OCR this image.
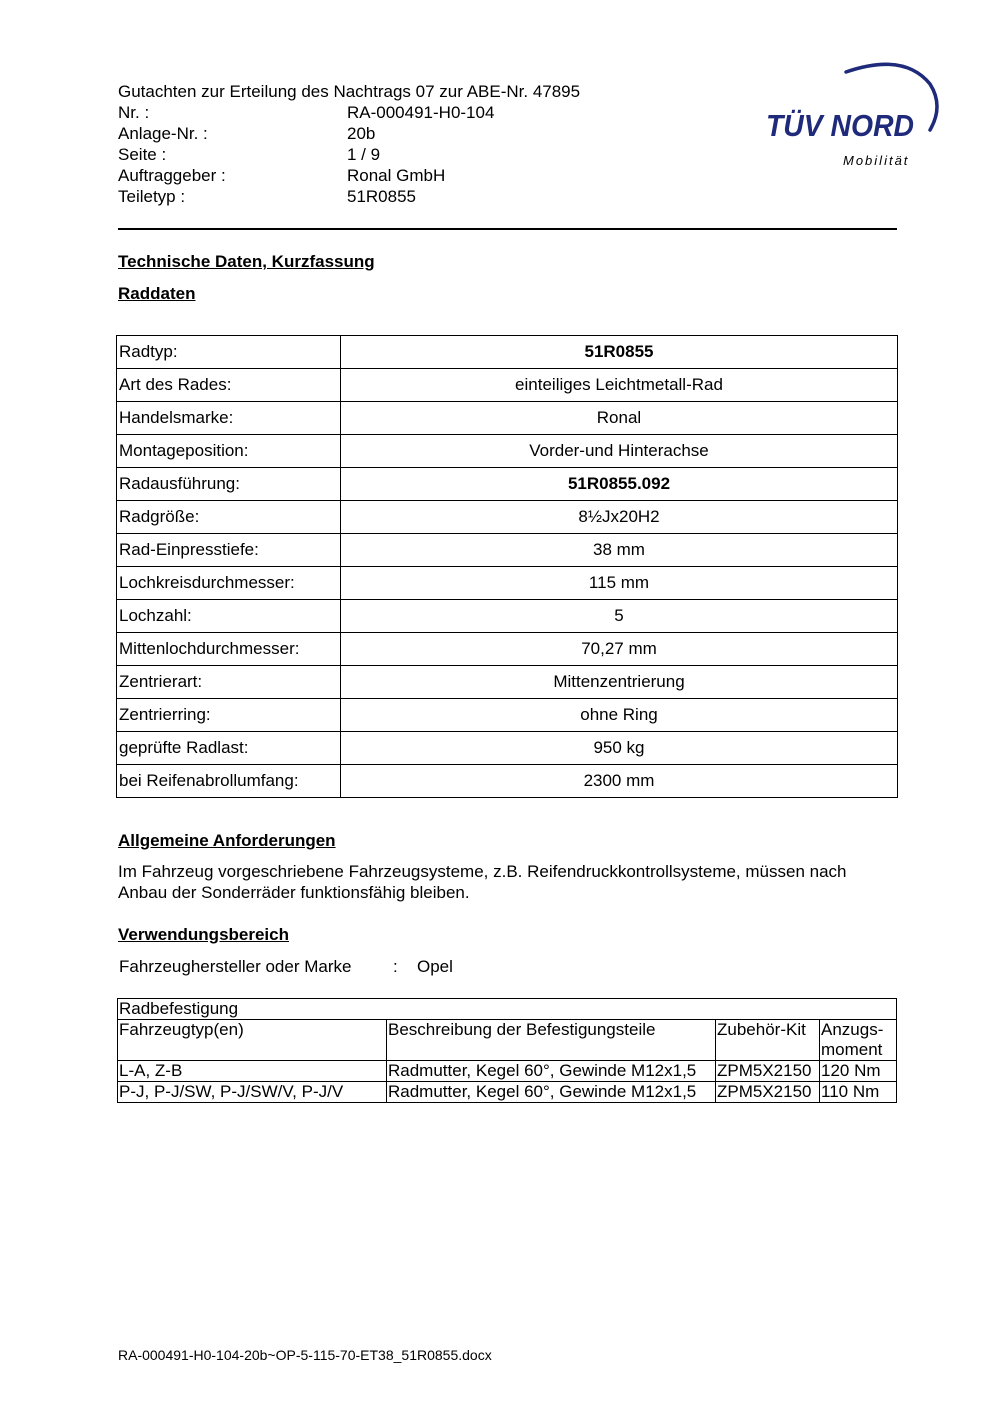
Gutachten zur Erteilung des Nachtrags 07 zur ABE-Nr. 47895
Nr. :	RA-000491-H0-104
Anlage-Nr. :	20b
Seite :	1 / 9
Auftraggeber :	Ronal GmbH
Teiletyp :	51R0855
TÜV NORD
Mobilität
Technische Daten, Kurzfassung
Raddaten
Radtyp:	51R0855
Art des Rades:	einteiliges Leichtmetall-Rad
Handelsmarke:	Ronal
Montageposition:	Vorder-und Hinterachse
Radausführung:	51R0855.092
Radgröße:	8½Jx20H2
Rad-Einpresstiefe:	38 mm
Lochkreisdurchmesser:	115 mm
Lochzahl:	5
Mittenlochdurchmesser:	70,27 mm
Zentrierart:	Mittenzentrierung
Zentrierring:	ohne Ring
geprüfte Radlast:	950 kg
bei Reifenabrollumfang:	2300 mm
Allgemeine Anforderungen
Im Fahrzeug vorgeschriebene Fahrzeugsysteme, z.B. Reifendruckkontrollsysteme, müssen nach Anbau der Sonderräder funktionsfähig bleiben.
Verwendungsbereich
Fahrzeughersteller oder Marke	:	Opel
Radbefestigung			
Fahrzeugtyp(en)	Beschreibung der Befestigungsteile	Zubehör-Kit	Anzugs-moment
L-A, Z-B	Radmutter, Kegel 60°, Gewinde M12x1,5	ZPM5X2150	120 Nm
P-J, P-J/SW, P-J/SW/V, P-J/V	Radmutter, Kegel 60°, Gewinde M12x1,5	ZPM5X2150	110 Nm
RA-000491-H0-104-20b~OP-5-115-70-ET38_51R0855.docx
